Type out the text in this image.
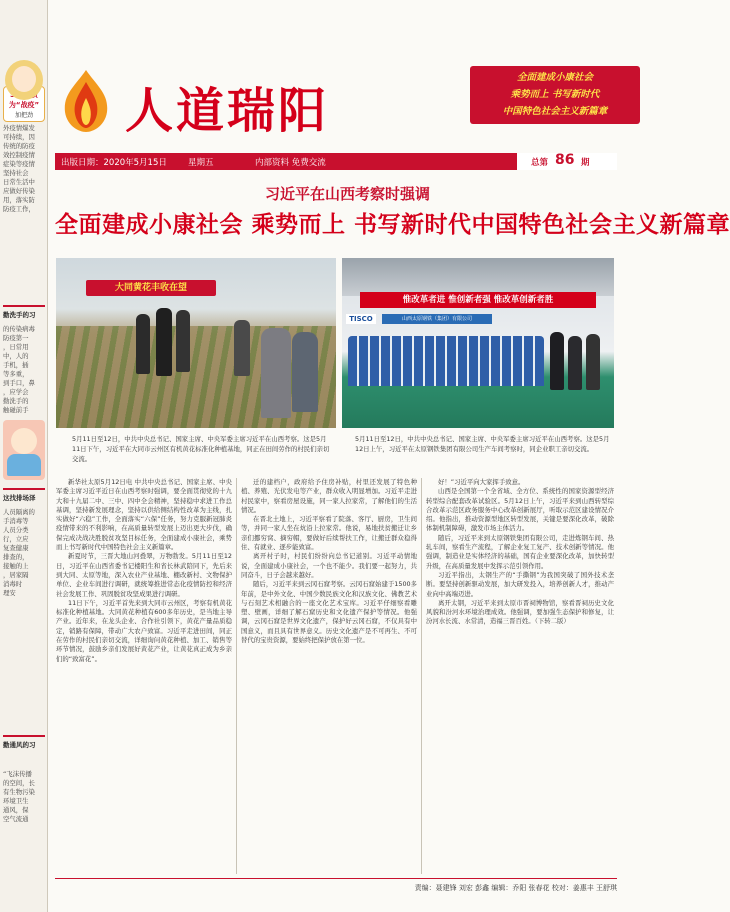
为“战疫”
加把劲
外疫情爆发
可持续，因
传统的防疫
效控制疫情
症染等疫情
坚持社会
日常生活中
应做好传染
用，落实防
防疫工作，
勤洗手的习
的传染病毒
防疫第一
，日常用
中，人的
手机，插
等多重，
到手口，鼻
，应学会
勤洗手的
触碰前手
这找排场泽
人员隔离的
手消毒等
人员分类
行，立应
复查健康
排查的，
接触的上
，居家隔
消毒时
理安
勤通风的习
“飞沫传播
的空间，长
有生物污染
环境卫生
通风，保
空气流通
人道瑞阳
全面建成小康社会
乘势而上 书写新时代
中国特色社会主义新篇章
出版日期：2020年5月15日 星期五	内部资料 免费交流	总第 86 期
习近平在山西考察时强调
全面建成小康社会 乘势而上 书写新时代中国特色社会主义新篇章
大同黄花丰收在望
惟改革者进 惟创新者强 惟改革创新者胜
TISCO	山西太原钢铁（集团）有限公司
5月11日至12日，中共中央总书记、国家主席、中央军委主席习近平在山西考察。这是5月11日下午，习近平在大同市云州区有机黄花标准化种植基地，同正在田间劳作的村民们亲切交流。
5月11日至12日，中共中央总书记、国家主席、中央军委主席习近平在山西考察。这是5月12日上午，习近平在太原钢铁集团有限公司生产车间考察时，同企业职工亲切交流。

新华社太原5月12日电 中共中央总书记、国家主席、中央军委主席习近平近日在山西考察时强调，要全面贯彻党的十九大和十九届二中、三中、四中全会精神，坚持稳中求进工作总基调，坚持新发展理念，坚持以供给侧结构性改革为主线，扎实做好“六稳”工作，全面落实“六保”任务，努力克服新冠肺炎疫情带来的不利影响，在高质量转型发展上迈出更大步伐，确保完成决战决胜脱贫攻坚目标任务，全面建成小康社会，乘势而上书写新时代中国特色社会主义新篇章。

新夏时节，三晋大地山河叠翠，万物勃发。5月11日至12日，习近平在山西省委书记楼阳生和省长林武陪同下，先后来到大同、太原等地，深入农业产业基地、棚改新村、文物保护单位、企业车间进行调研，就统筹推进常态化疫情防控和经济社会发展工作、巩固脱贫攻坚成果进行调研。

11日下午，习近平首先来到大同市云州区，考察有机黄花标准化种植基地。大同黄花种植有600多年历史，是当地主导产业。近年来，在龙头企业、合作社引领下，黄花产量品质稳定，销路有保障，带动广大农户致富。习近平走进田间，同正在劳作的村民们亲切交流，详细询问黄花种植、加工、销售等环节情况，鼓励乡亲们发展好黄花产业，让黄花真正成为乡亲们的“致富花”。

迁的建档户，政府给予住房补贴，村里还发展了特色种植、养殖、光伏发电等产业，群众收入明显增加。习近平走进村民家中，察看房屋设施，同一家人拉家常，了解他们的生活情况。

在晋北土地上，习近平察看了院落、客厅、厨房，卫生间等，并同一家人坐在炕沿上拉家常。他说，易地扶贫搬迁让乡亲们挪穷窝、摘穷帽，要做好后续帮扶工作，让搬迁群众稳得住、有就业、逐步能致富。

离开村子时，村民们纷纷向总书记道别。习近平动情地说，全面建成小康社会，一个也不能少。我们要一起努力，共同奋斗，日子会越来越好。

随后，习近平来到云冈石窟考察。云冈石窟始建于1500多年前，是中外文化、中国少数民族文化和汉族文化、佛教艺术与石刻艺术相融合的一座文化艺术宝库。习近平仔细察看雕塑、壁画，详细了解石窟历史和文化遗产保护等情况。他强调，云冈石窟是世界文化遗产，保护好云冈石窟，不仅具有中国意义，而且具有世界意义。历史文化遗产是不可再生、不可替代的宝贵资源，要始终把保护放在第一位。

好！”习近平向大家挥手致意。

山西是全国第一个全省域、全方位、系统性的国家资源型经济转型综合配套改革试验区。5月12日上午，习近平来到山西转型综合改革示范区政务服务中心改革创新展厅，听取示范区建设情况介绍。他指出，推动资源型地区转型发展，关键是要深化改革，破除体制机制障碍，激发市场主体活力。

随后，习近平来到太原钢铁集团有限公司，走进炼钢车间、热轧车间，察看生产流程，了解企业复工复产、技术创新等情况。他强调，制造业是实体经济的基础，国有企业要深化改革，加快转型升级，在高质量发展中发挥示范引领作用。

习近平指出，太钢生产的“手撕钢”为我国突破了国外技术垄断。要坚持创新驱动发展，加大研发投入，培养创新人才，推动产业向中高端迈进。

离开太钢，习近平来到太原市晋祠博物馆，察看晋祠历史文化风貌和汾河水环境治理成效。他强调，要加强生态保护和修复，让汾河水长流、水常清，造福三晋百姓。（下转二版）

责编：聂建锋 刘宏 彭鑫 编辑：乔阳 张春花 校对：姜惠丰 王舒琪
